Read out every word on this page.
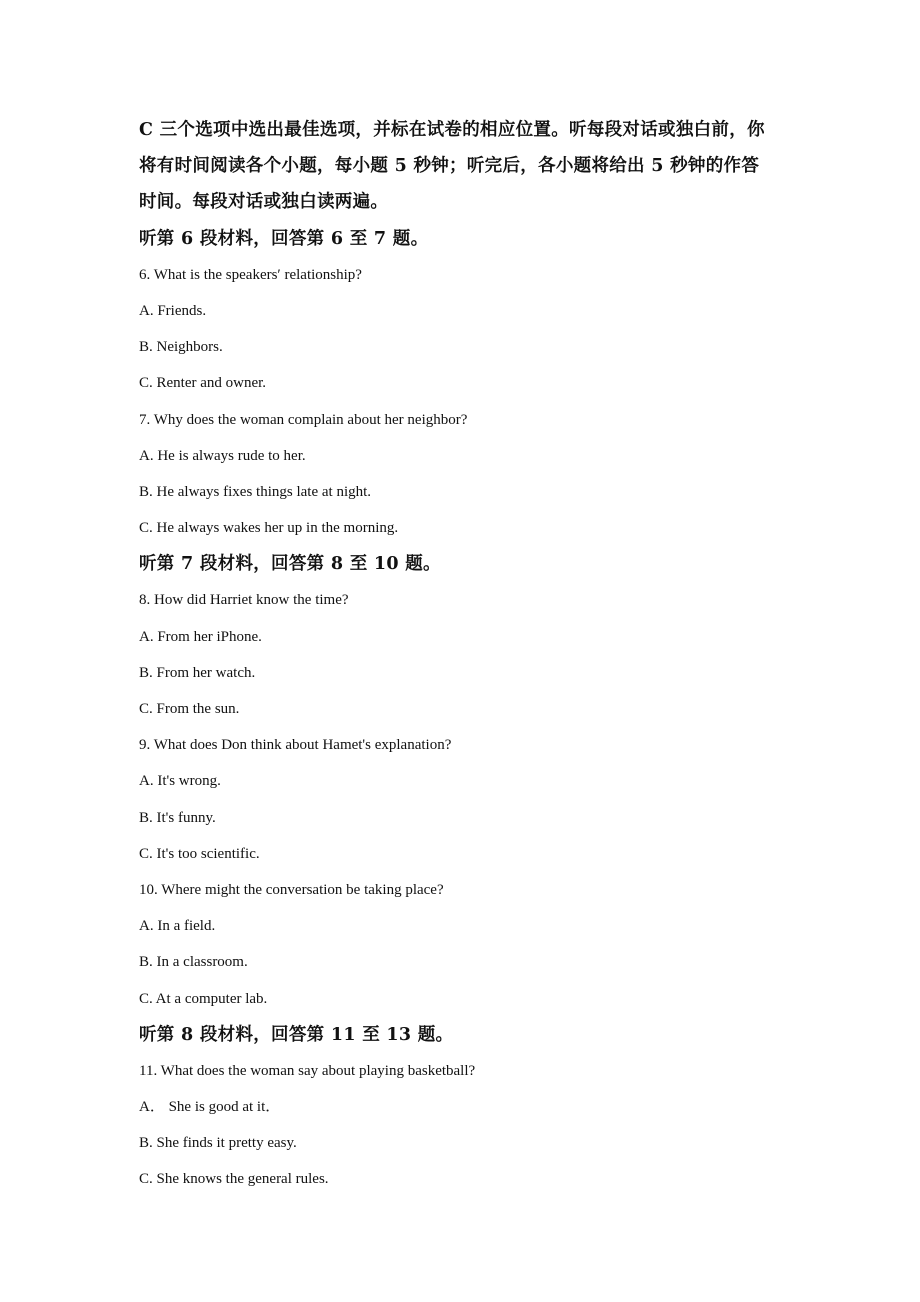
C 三个选项中选出最佳选项，并标在试卷的相应位置。听每段对话或独白前，你
将有时间阅读各个小题，每小题 5 秒钟；听完后，各小题将给出 5 秒钟的作答
时间。每段对话或独白读两遍。
听第 6 段材料，回答第 6 至 7 题。
6. What is the speakers′ relationship?
A. Friends.
B. Neighbors.
C. Renter and owner.
7. Why does the woman complain about her neighbor?
A. He is always rude to her.
B. He always fixes things late at night.
C. He always wakes her up in the morning.
听第 7 段材料，回答第 8 至 10 题。
8. How did Harriet know the time?
A. From her iPhone.
B. From her watch.
C. From the sun.
9. What does Don think about Hamet's explanation?
A. It's wrong.
B. It's funny.
C. It's too scientific.
10. Where might the conversation be taking place?
A. In a field.
B. In a classroom.
C. At a computer lab.
听第 8 段材料，回答第 11 至 13 题。
11. What does the woman say about playing basketball?
A． She is good at it．
B. She finds it pretty easy.
C. She knows the general rules.
